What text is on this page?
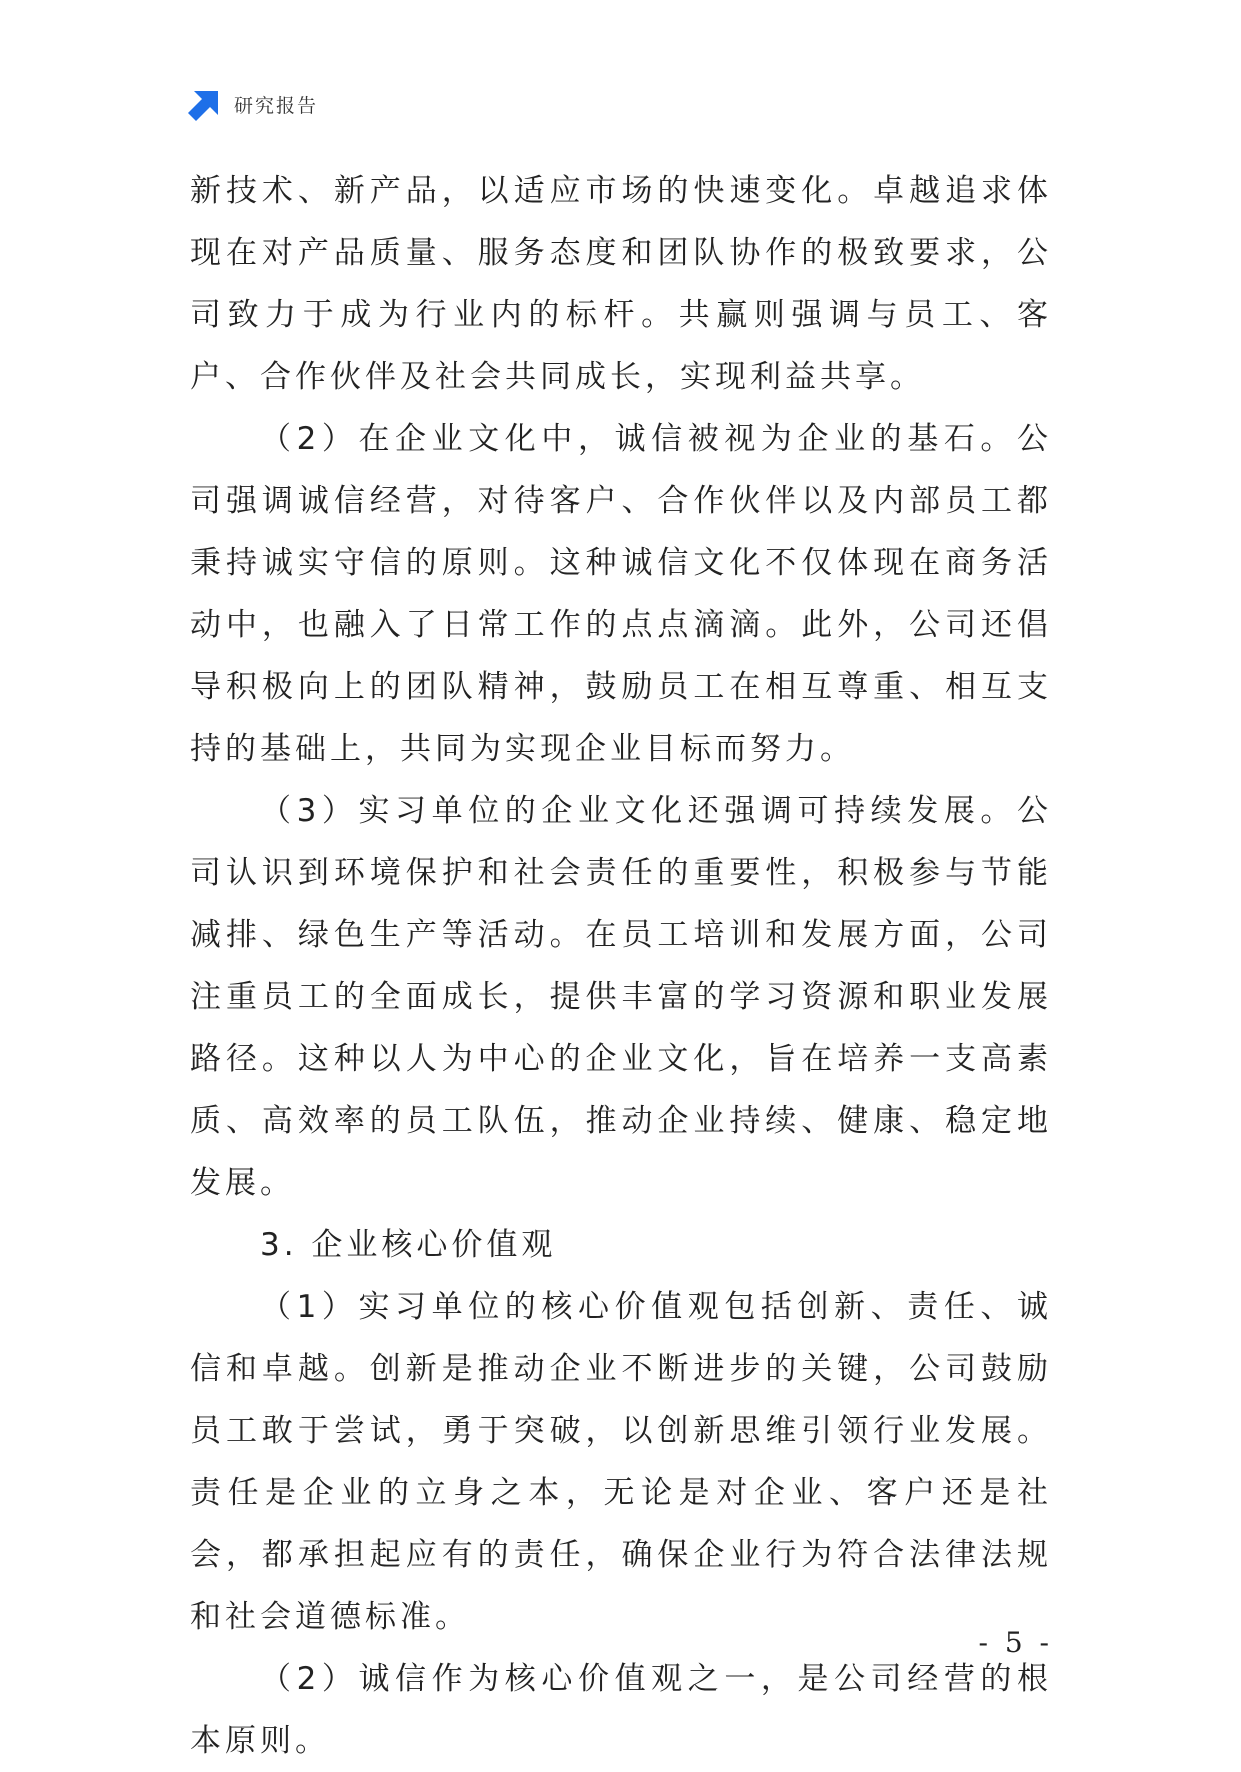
研究报告

新技术、新产品，以适应市场的快速变化。卓越追求体现在对产品质量、服务态度和团队协作的极致要求，公司致力于成为行业内的标杆。共赢则强调与员工、客户、合作伙伴及社会共同成长，实现利益共享。

（2）在企业文化中，诚信被视为企业的基石。公司强调诚信经营，对待客户、合作伙伴以及内部员工都秉持诚实守信的原则。这种诚信文化不仅体现在商务活动中，也融入了日常工作的点点滴滴。此外，公司还倡导积极向上的团队精神，鼓励员工在相互尊重、相互支持的基础上，共同为实现企业目标而努力。

（3）实习单位的企业文化还强调可持续发展。公司认识到环境保护和社会责任的重要性，积极参与节能减排、绿色生产等活动。在员工培训和发展方面，公司注重员工的全面成长，提供丰富的学习资源和职业发展路径。这种以人为中心的企业文化，旨在培养一支高素质、高效率的员工队伍，推动企业持续、健康、稳定地发展。

3. 企业核心价值观

（1）实习单位的核心价值观包括创新、责任、诚信和卓越。创新是推动企业不断进步的关键，公司鼓励员工敢于尝试，勇于突破，以创新思维引领行业发展。责任是企业的立身之本，无论是对企业、客户还是社会，都承担起应有的责任，确保企业行为符合法律法规和社会道德标准。

（2）诚信作为核心价值观之一，是公司经营的根本原则。

- 5 -
